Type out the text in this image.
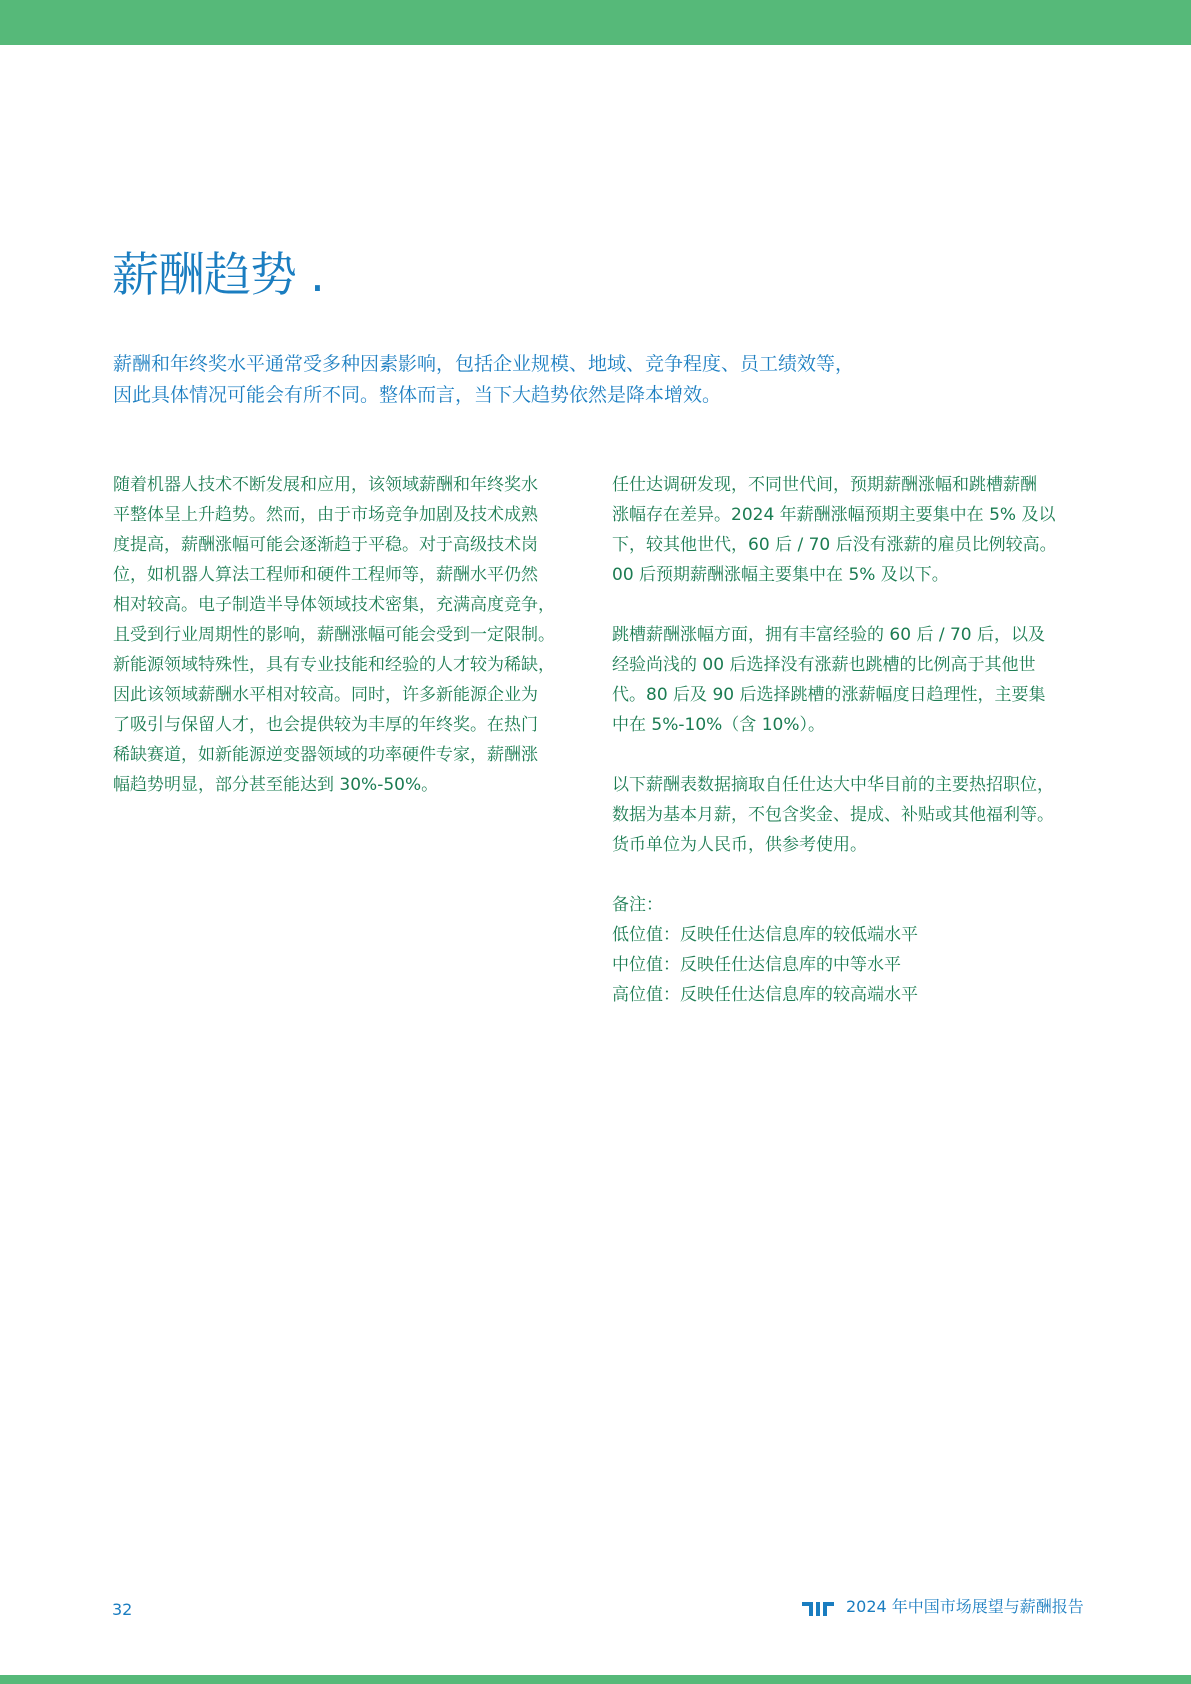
薪酬趋势 .

薪酬和年终奖水平通常受多种因素影响，包括企业规模、地域、竞争程度、员工绩效等，

因此具体情况可能会有所不同。整体而言，当下大趋势依然是降本增效。

随着机器人技术不断发展和应用，该领域薪酬和年终奖水
平整体呈上升趋势。然而，由于市场竞争加剧及技术成熟
度提高，薪酬涨幅可能会逐渐趋于平稳。对于高级技术岗
位，如机器人算法工程师和硬件工程师等，薪酬水平仍然
相对较高。电子制造半导体领域技术密集，充满高度竞争，
且受到行业周期性的影响，薪酬涨幅可能会受到一定限制。
新能源领域特殊性，具有专业技能和经验的人才较为稀缺，
因此该领域薪酬水平相对较高。同时，许多新能源企业为
了吸引与保留人才，也会提供较为丰厚的年终奖。在热门
稀缺赛道，如新能源逆变器领域的功率硬件专家，薪酬涨
幅趋势明显，部分甚至能达到 30%-50%。

任仕达调研发现，不同世代间，预期薪酬涨幅和跳槽薪酬
涨幅存在差异。2024 年薪酬涨幅预期主要集中在 5% 及以
下，较其他世代，60 后 / 70 后没有涨薪的雇员比例较高。
00 后预期薪酬涨幅主要集中在 5% 及以下。

跳槽薪酬涨幅方面，拥有丰富经验的 60 后 / 70 后，以及
经验尚浅的 00 后选择没有涨薪也跳槽的比例高于其他世
代。80 后及 90 后选择跳槽的涨薪幅度日趋理性，主要集
中在 5%-10%（含 10%）。

以下薪酬表数据摘取自任仕达大中华目前的主要热招职位，
数据为基本月薪，不包含奖金、提成、补贴或其他福利等。
货币单位为人民币，供参考使用。

备注：
低位值：反映任仕达信息库的较低端水平
中位值：反映任仕达信息库的中等水平
高位值：反映任仕达信息库的较高端水平

32	2024 年中国市场展望与薪酬报告
